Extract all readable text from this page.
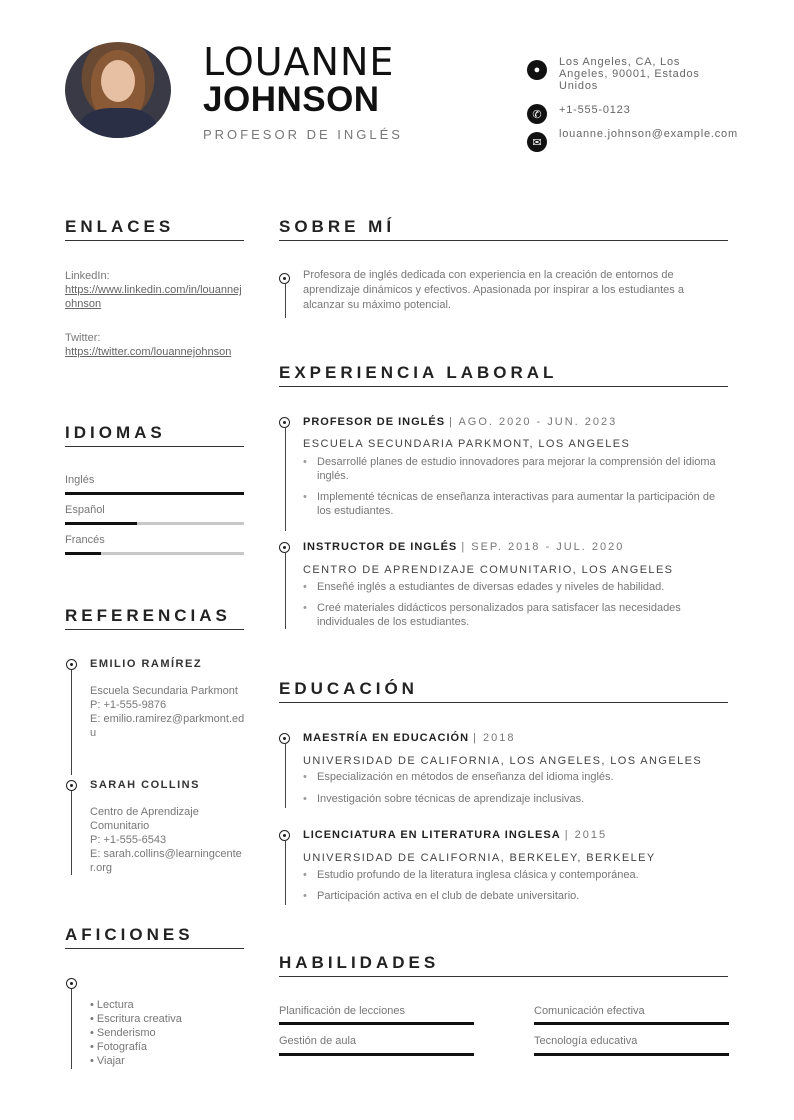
LOUANNE
JOHNSON
PROFESOR DE INGLÉS
●
Los Angeles, CA, Los Angeles, 90001, Estados Unidos
✆	+1-555-0123
✉
louanne.johnson@example.com
ENLACES
LinkedIn:
https://www.linkedin.com/in/louannejohnson
Twitter:
https://twitter.com/louannejohnson
IDIOMAS
Inglés
Español
Francés
REFERENCIAS
EMILIO RAMÍREZ
Escuela Secundaria Parkmont
P: +1-555-9876
E: emilio.ramirez@parkmont.edu
SARAH COLLINS
Centro de Aprendizaje Comunitario
P: +1-555-6543
E: sarah.collins@learningcenter.org
AFICIONES
• Lectura
• Escritura creativa
• Senderismo
• Fotografía
• Viajar
SOBRE MÍ
Profesora de inglés dedicada con experiencia en la creación de entornos de aprendizaje dinámicos y efectivos. Apasionada por inspirar a los estudiantes a alcanzar su máximo potencial.
EXPERIENCIA LABORAL
PROFESOR DE INGLÉS | AGO. 2020 - JUN. 2023
ESCUELA SECUNDARIA PARKMONT, LOS ANGELES
• Desarrollé planes de estudio innovadores para mejorar la comprensión del idioma inglés.
• Implementé técnicas de enseñanza interactivas para aumentar la participación de los estudiantes.
INSTRUCTOR DE INGLÉS | SEP. 2018 - JUL. 2020
CENTRO DE APRENDIZAJE COMUNITARIO, LOS ANGELES
• Enseñé inglés a estudiantes de diversas edades y niveles de habilidad.
• Creé materiales didácticos personalizados para satisfacer las necesidades individuales de los estudiantes.
EDUCACIÓN
MAESTRÍA EN EDUCACIÓN | 2018
UNIVERSIDAD DE CALIFORNIA, LOS ANGELES, LOS ANGELES
• Especialización en métodos de enseñanza del idioma inglés.
• Investigación sobre técnicas de aprendizaje inclusivas.
LICENCIATURA EN LITERATURA INGLESA | 2015
UNIVERSIDAD DE CALIFORNIA, BERKELEY, BERKELEY
• Estudio profundo de la literatura inglesa clásica y contemporánea.
• Participación activa en el club de debate universitario.
HABILIDADES
Planificación de lecciones	Comunicación efectiva
Gestión de aula	Tecnología educativa
